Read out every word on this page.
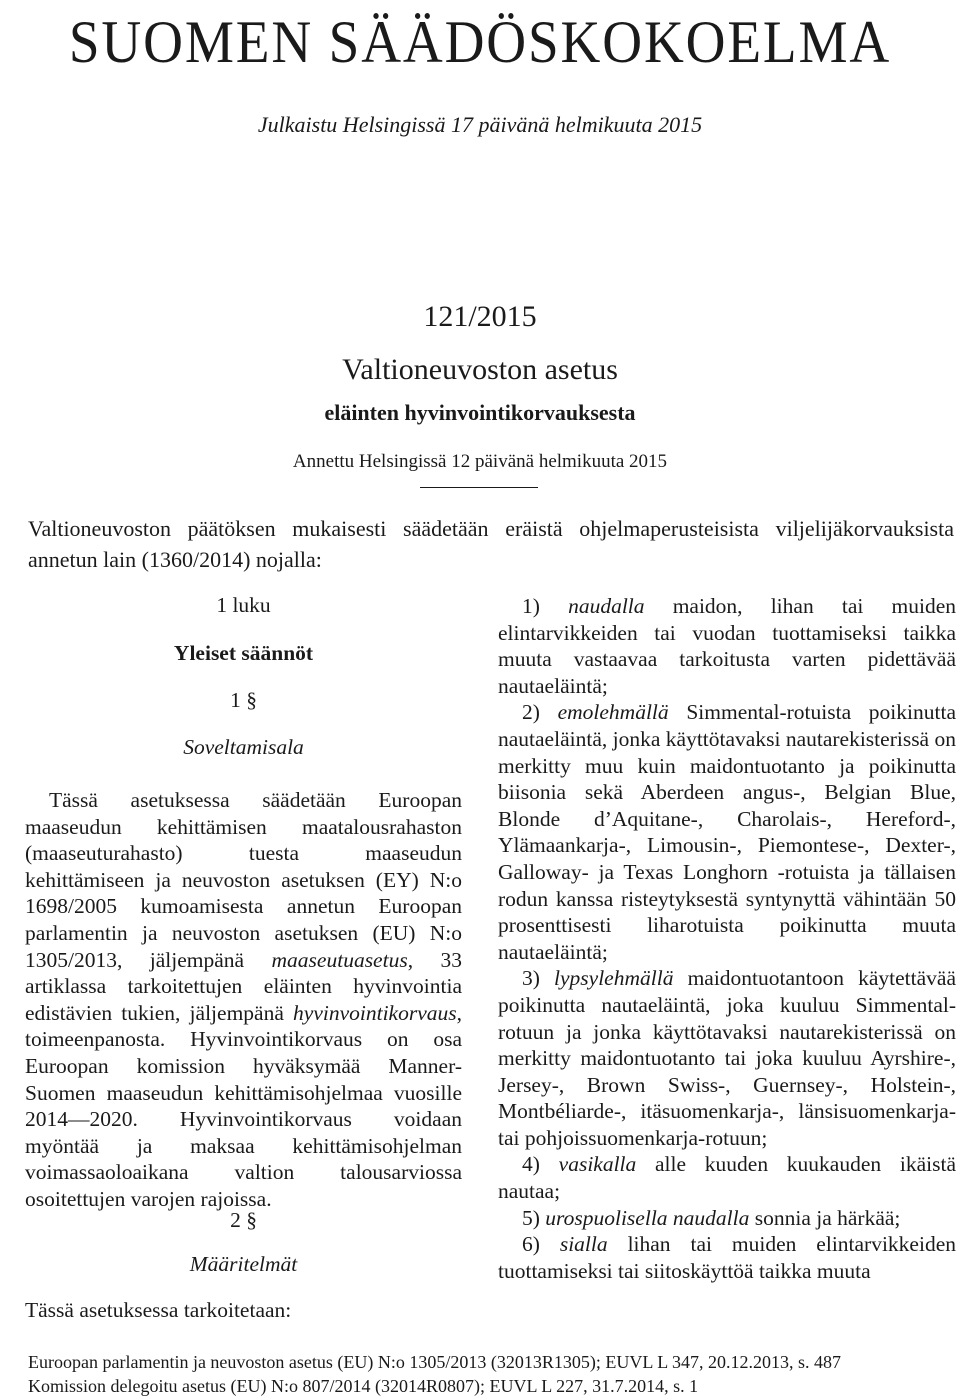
SUOMEN SÄÄDÖSKOKOELMA
Julkaistu Helsingissä 17 päivänä helmikuuta 2015
121/2015
Valtioneuvoston asetus
eläinten hyvinvointikorvauksesta
Annettu Helsingissä 12 päivänä helmikuuta 2015
Valtioneuvoston päätöksen mukaisesti säädetään eräistä ohjelmaperusteisista viljelijäkorvauksista annetun lain (1360/2014) nojalla:
1 luku
Yleiset säännöt
1 §
Soveltamisala
Tässä asetuksessa säädetään Euroopan maaseudun kehittämisen maatalousrahaston (maaseuturahasto) tuesta maaseudun kehittämiseen ja neuvoston asetuksen (EY) N:o 1698/2005 kumoamisesta annetun Euroopan parlamentin ja neuvoston asetuksen (EU) N:o 1305/2013, jäljempänä maaseutuasetus, 33 artiklassa tarkoitettujen eläinten hyvinvointia edistävien tukien, jäljempänä hyvinvointikorvaus, toimeenpanosta. Hyvinvointikorvaus on osa Euroopan komission hyväksymää Manner-Suomen maaseudun kehittämisohjelmaa vuosille 2014—2020. Hyvinvointikorvaus voidaan myöntää ja maksaa kehittämisohjelman voimassaoloaikana valtion talousarviossa osoitettujen varojen rajoissa.
2 §
Määritelmät
Tässä asetuksessa tarkoitetaan:

1) naudalla maidon, lihan tai muiden elintarvikkeiden tai vuodan tuottamiseksi taikka muuta vastaavaa tarkoitusta varten pidettävää nautaeläintä;

2) emolehmällä Simmental-rotuista poikinutta nautaeläintä, jonka käyttötavaksi nautarekisterissä on merkitty muu kuin maidontuotanto ja poikinutta biisonia sekä Aberdeen angus-, Belgian Blue, Blonde d’Aquitane-, Charolais-, Hereford-, Ylämaankarja-, Limousin-, Piemontese-, Dexter-, Galloway- ja Texas Longhorn -rotuista ja tällaisen rodun kanssa risteytyksestä syntynyttä vähintään 50 prosenttisesti liharotuista poikinutta muuta nautaeläintä;

3) lypsylehmällä maidontuotantoon käytettävää poikinutta nautaeläintä, joka kuuluu Simmental-rotuun ja jonka käyttötavaksi nautarekisterissä on merkitty maidontuotanto tai joka kuuluu Ayrshire-, Jersey-, Brown Swiss-, Guernsey-, Holstein-, Montbéliarde-, itäsuomenkarja-, länsisuomenkarja- tai pohjoissuomenkarja-rotuun;

4) vasikalla alle kuuden kuukauden ikäistä nautaa;

5) urospuolisella naudalla sonnia ja härkää;

6) sialla lihan tai muiden elintarvikkeiden tuottamiseksi tai siitoskäyttöä taikka muuta

Euroopan parlamentin ja neuvoston asetus (EU) N:o 1305/2013 (32013R1305); EUVL L 347, 20.12.2013, s. 487
Komission delegoitu asetus (EU) N:o 807/2014 (32014R0807); EUVL L 227, 31.7.2014, s. 1
